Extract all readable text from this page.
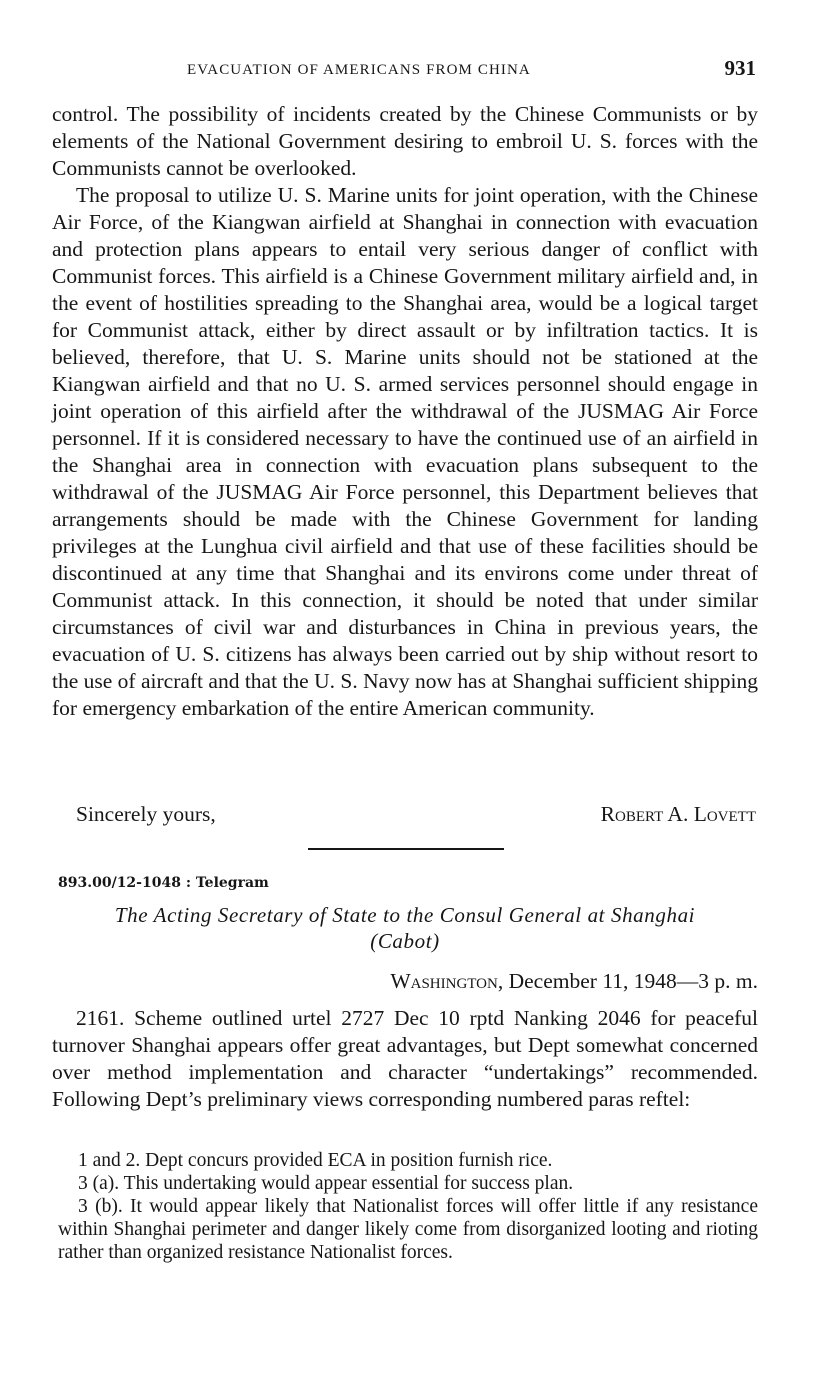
EVACUATION OF AMERICANS FROM CHINA	931

control. The possibility of incidents created by the Chinese Communists or by elements of the National Government desiring to embroil U. S. forces with the Communists cannot be overlooked.

The proposal to utilize U. S. Marine units for joint operation, with the Chinese Air Force, of the Kiangwan airfield at Shanghai in connection with evacuation and protection plans appears to entail very serious danger of conflict with Communist forces. This airfield is a Chinese Government military airfield and, in the event of hostilities spreading to the Shanghai area, would be a logical target for Communist attack, either by direct assault or by infiltration tactics. It is believed, therefore, that U. S. Marine units should not be stationed at the Kiangwan airfield and that no U. S. armed services personnel should engage in joint operation of this airfield after the withdrawal of the JUSMAG Air Force personnel. If it is considered necessary to have the continued use of an airfield in the Shanghai area in connection with evacuation plans subsequent to the withdrawal of the JUSMAG Air Force personnel, this Department believes that arrangements should be made with the Chinese Government for landing privileges at the Lunghua civil airfield and that use of these facilities should be discontinued at any time that Shanghai and its environs come under threat of Communist attack. In this connection, it should be noted that under similar circumstances of civil war and disturbances in China in previous years, the evacuation of U. S. citizens has always been carried out by ship without resort to the use of aircraft and that the U. S. Navy now has at Shanghai sufficient shipping for emergency embarkation of the entire American community.

Sincerely yours,	Robert A. Lovett
893.00/12-1048 : Telegram
The Acting Secretary of State to the Consul General at Shanghai
(Cabot)
Washington, December 11, 1948—3 p. m.

2161. Scheme outlined urtel 2727 Dec 10 rptd Nanking 2046 for peaceful turnover Shanghai appears offer great advantages, but Dept somewhat concerned over method implementation and character “undertakings” recommended. Following Dept’s preliminary views corresponding numbered paras reftel:

1 and 2. Dept concurs provided ECA in position furnish rice.

3 (a). This undertaking would appear essential for success plan.

3 (b). It would appear likely that Nationalist forces will offer little if any resistance within Shanghai perimeter and danger likely come from disorganized looting and rioting rather than organized resistance Nationalist forces.
